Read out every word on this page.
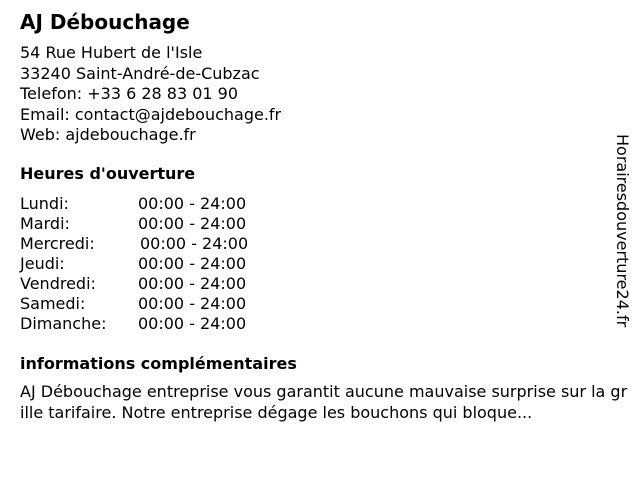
AJ Débouchage
54 Rue Hubert de l'Isle
33240 Saint-André-de-Cubzac
Telefon: +33 6 28 83 01 90
Email: contact@ajdebouchage.fr
Web: ajdebouchage.fr
Heures d'ouverture
Lundi:	00:00 - 24:00
Mardi:	00:00 - 24:00
Mercredi:	00:00 - 24:00
Jeudi:	00:00 - 24:00
Vendredi:	00:00 - 24:00
Samedi:	00:00 - 24:00
Dimanche: 00:00 - 24:00
informations complémentaires
AJ Débouchage entreprise vous garantit aucune mauvaise surprise sur la grille tarifaire. Notre entreprise dégage les bouchons qui bloque...
Horairesdouverture24.fr
